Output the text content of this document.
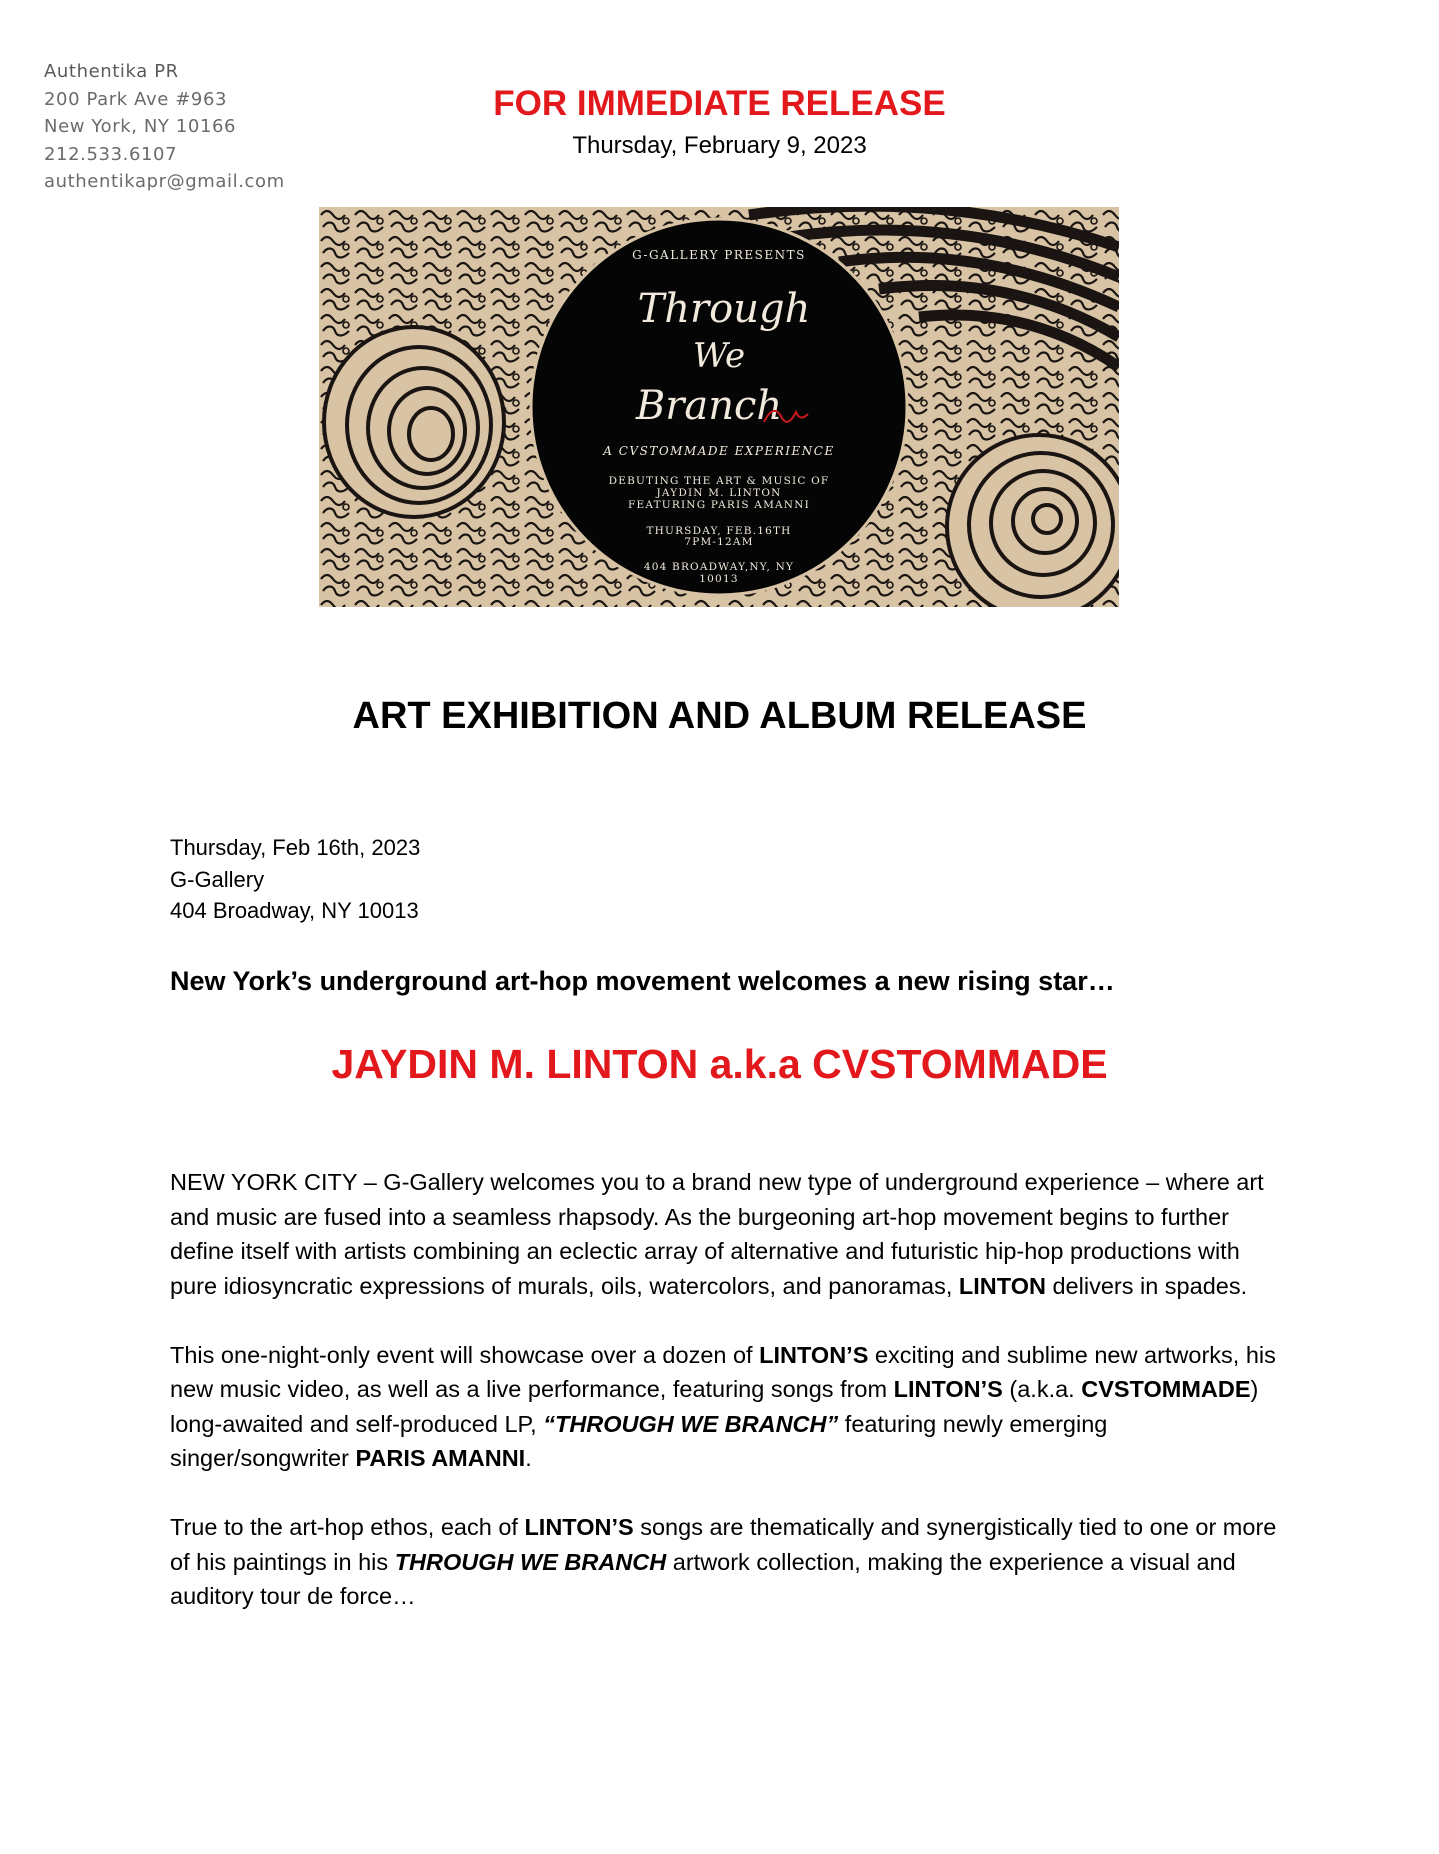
Authentika PR
200 Park Ave #963
New York, NY 10166
212.533.6107
authentikapr@gmail.com
FOR IMMEDIATE RELEASE
Thursday, February 9, 2023
G-GALLERY PRESENTS
Through
We
Branch
A CVSTOMMADE EXPERIENCE
DEBUTING THE ART & MUSIC OF
JAYDIN M. LINTON
FEATURING PARIS AMANNI
THURSDAY, FEB.16TH
7PM-12AM
404 BROADWAY,NY, NY
10013
ART EXHIBITION AND ALBUM RELEASE
Thursday, Feb 16th, 2023
G-Gallery
404 Broadway, NY 10013
New York’s underground art-hop movement welcomes a new rising star…
JAYDIN M. LINTON a.k.a CVSTOMMADE

NEW YORK CITY – G-Gallery welcomes you to a brand new type of underground experience – where art and music are fused into a seamless rhapsody. As the burgeoning art-hop movement begins to further define itself with artists combining an eclectic array of alternative and futuristic hip-hop productions with pure idiosyncratic expressions of murals, oils, watercolors, and panoramas, LINTON delivers in spades.

This one-night-only event will showcase over a dozen of LINTON’S exciting and sublime new artworks, his new music video, as well as a live performance, featuring songs from LINTON’S (a.k.a. CVSTOMMADE) long-awaited and self-produced LP, “THROUGH WE BRANCH” featuring newly emerging singer/songwriter PARIS AMANNI.

True to the art-hop ethos, each of LINTON’S songs are thematically and synergistically tied to one or more of his paintings in his THROUGH WE BRANCH artwork collection, making the experience a visual and auditory tour de force…
